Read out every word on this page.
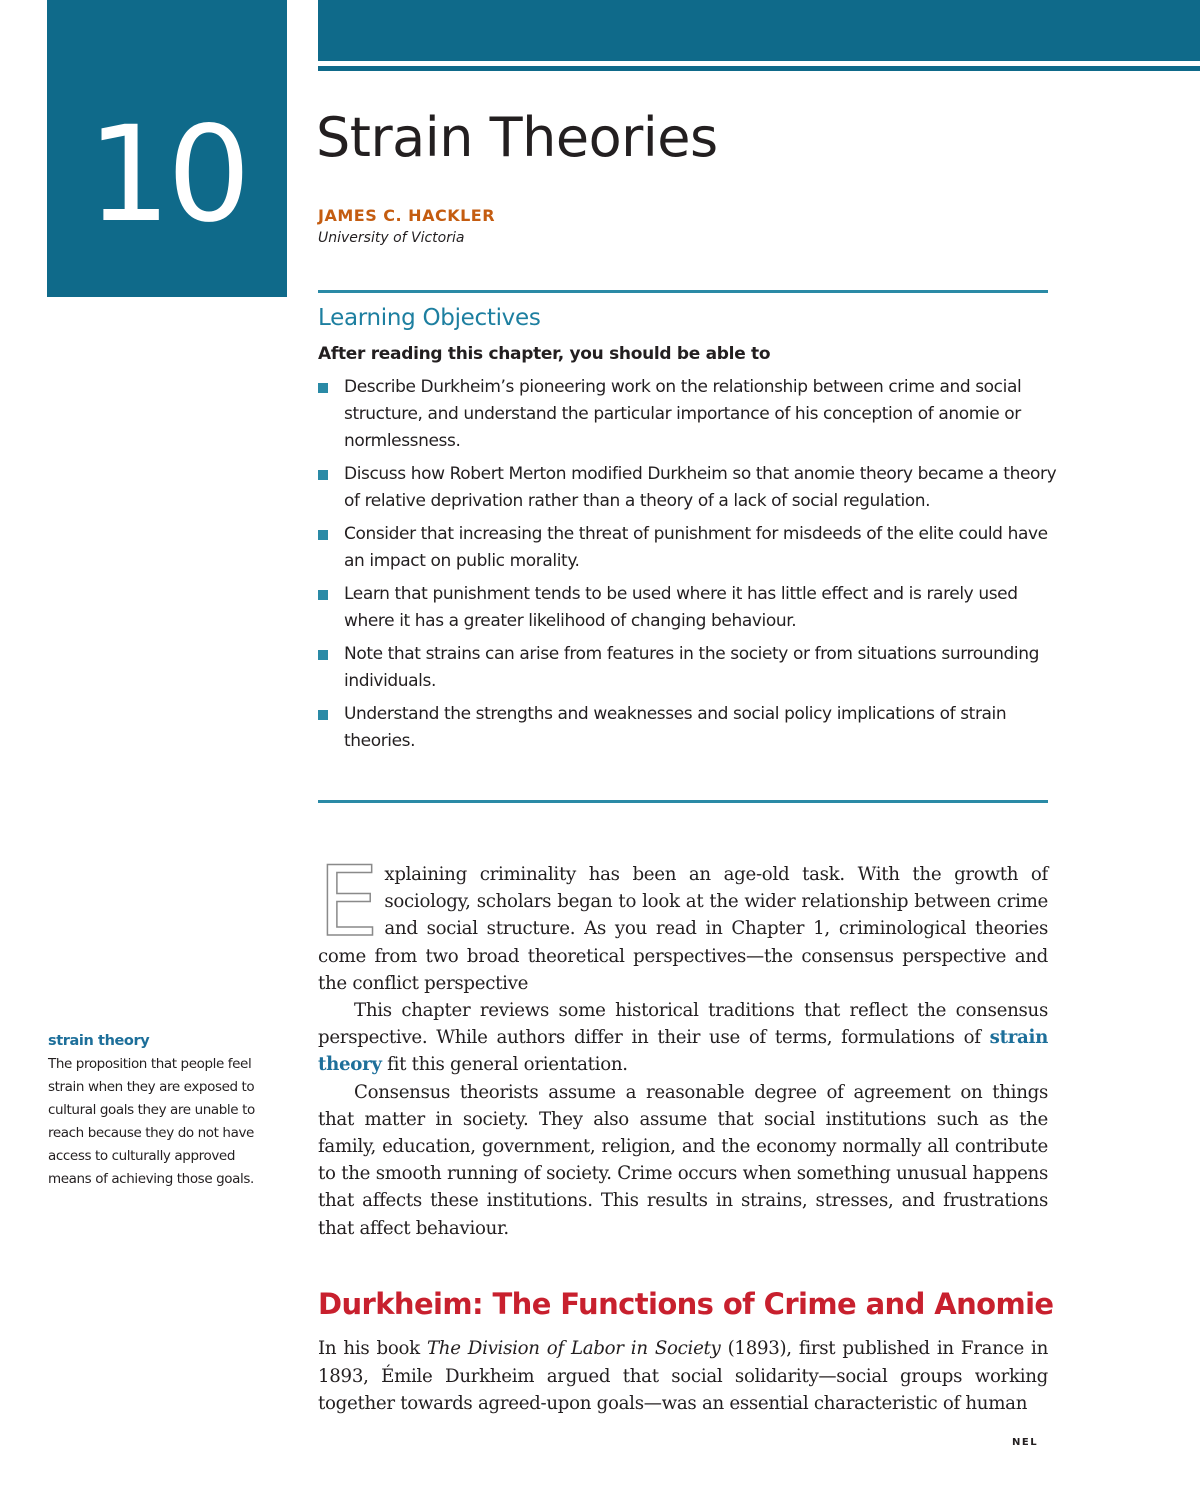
10	Strain Theories
JAMES C. HACKLER
University of Victoria
Learning Objectives
After reading this chapter, you should be able to
Describe Durkheim’s pioneering work on the relationship between crime and social structure, and understand the particular importance of his conception of anomie or normlessness.
Discuss how Robert Merton modified Durkheim so that anomie theory became a theory of relative deprivation rather than a theory of a lack of social regulation.
Consider that increasing the threat of punishment for misdeeds of the elite could have an impact on public morality.
Learn that punishment tends to be used where it has little effect and is rarely used where it has a greater likelihood of changing behaviour.
Note that strains can arise from features in the society or from situations surrounding individuals.
Understand the strengths and weaknesses and social policy implications of strain theories.

Explaining criminality has been an age-old task. With the growth of sociology, scholars began to look at the wider relationship between crime and social structure. As you read in Chapter 1, criminological theories come from two broad theoretical perspectives—the consensus perspective and the conflict perspective

This chapter reviews some historical traditions that reflect the consensus perspective. While authors differ in their use of terms, formulations of strain theory fit this general orientation.

Consensus theorists assume a reasonable degree of agreement on things that matter in society. They also assume that social institutions such as the family, education, government, religion, and the economy normally all contribute to the smooth running of society. Crime occurs when something unusual happens that affects these institutions. This results in strains, stresses, and frustrations that affect behaviour.

strain theory
The proposition that people feel strain when they are exposed to cultural goals they are unable to reach because they do not have access to culturally approved means of achieving those goals.
Durkheim: The Functions of Crime and Anomie

In his book The Division of Labor in Society (1893), first published in France in 1893, Émile Durkheim argued that social solidarity—social groups working together towards agreed-upon goals—was an essential characteristic of human

NEL
